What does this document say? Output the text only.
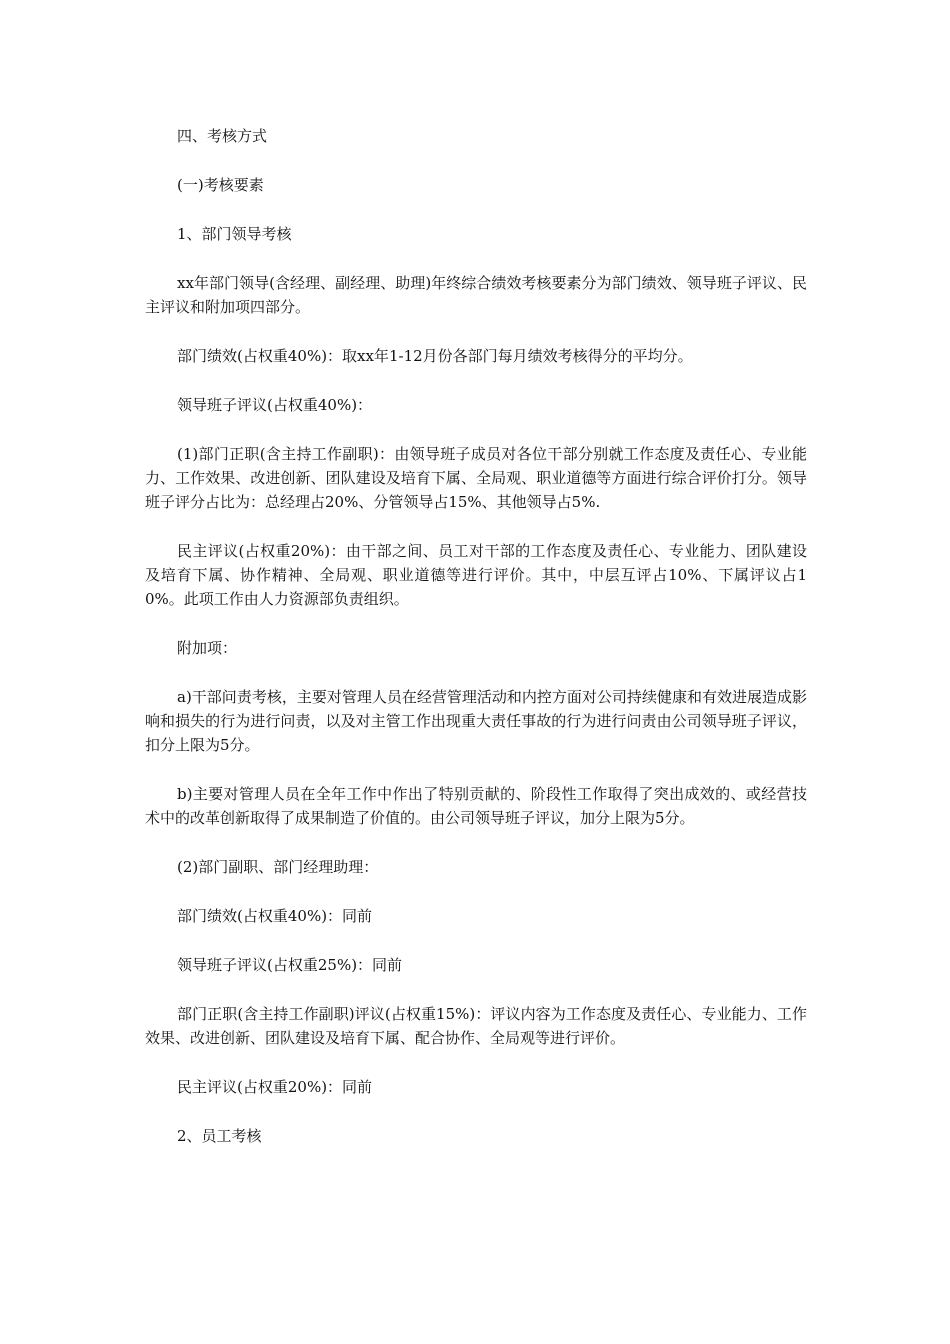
四、考核方式

(一)考核要素

1、部门领导考核

xx年部门领导(含经理、副经理、助理)年终综合绩效考核要素分为部门绩效、领导班子评议、民主评议和附加项四部分。

部门绩效(占权重40%)：取xx年1-12月份各部门每月绩效考核得分的平均分。

领导班子评议(占权重40%)：

(1)部门正职(含主持工作副职)：由领导班子成员对各位干部分别就工作态度及责任心、专业能力、工作效果、改进创新、团队建设及培育下属、全局观、职业道德等方面进行综合评价打分。领导班子评分占比为：总经理占20%、分管领导占15%、其他领导占5%.

民主评议(占权重20%)：由干部之间、员工对干部的工作态度及责任心、专业能力、团队建设及培育下属、协作精神、全局观、职业道德等进行评价。其中，中层互评占10%、下属评议占10%。此项工作由人力资源部负责组织。

附加项：

a)干部问责考核，主要对管理人员在经营管理活动和内控方面对公司持续健康和有效进展造成影响和损失的行为进行问责，以及对主管工作出现重大责任事故的行为进行问责由公司领导班子评议，扣分上限为5分。

b)主要对管理人员在全年工作中作出了特别贡献的、阶段性工作取得了突出成效的、或经营技术中的改革创新取得了成果制造了价值的。由公司领导班子评议，加分上限为5分。

(2)部门副职、部门经理助理：

部门绩效(占权重40%)：同前

领导班子评议(占权重25%)：同前

部门正职(含主持工作副职)评议(占权重15%)：评议内容为工作态度及责任心、专业能力、工作效果、改进创新、团队建设及培育下属、配合协作、全局观等进行评价。

民主评议(占权重20%)：同前

2、员工考核
